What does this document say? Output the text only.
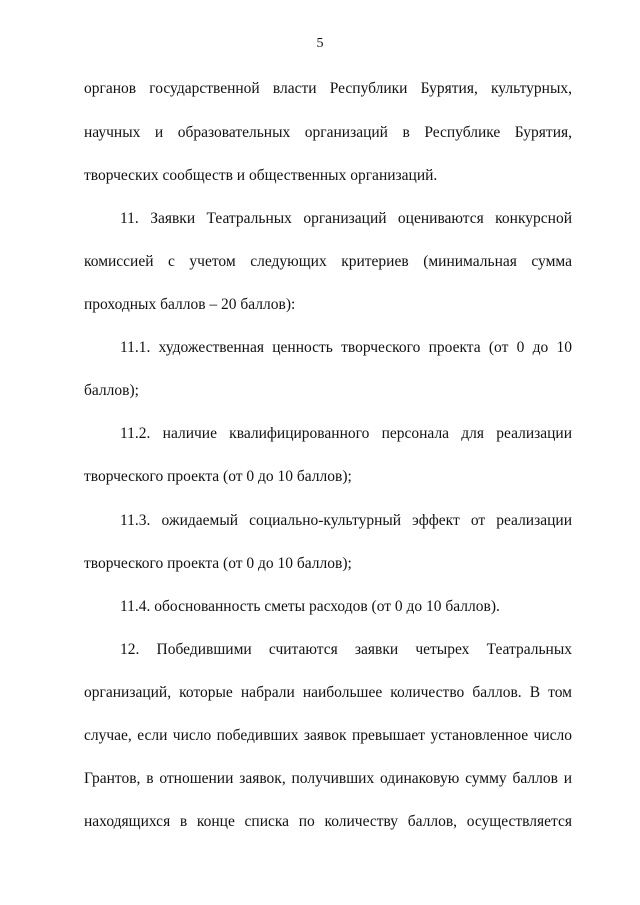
5
органов государственной власти Республики Бурятия, культурных,
научных и образовательных организаций в Республике Бурятия,
творческих сообществ и общественных организаций.
11. Заявки Театральных организаций оцениваются конкурсной
комиссией с учетом следующих критериев (минимальная сумма
проходных баллов – 20 баллов):
11.1. художественная ценность творческого проекта (от 0 до 10
баллов);
11.2. наличие квалифицированного персонала для реализации
творческого проекта (от 0 до 10 баллов);
11.3. ожидаемый социально-культурный эффект от реализации
творческого проекта (от 0 до 10 баллов);
11.4. обоснованность сметы расходов (от 0 до 10 баллов).
12. Победившими считаются заявки четырех Театральных
организаций, которые набрали наибольшее количество баллов. В том
случае, если число победивших заявок превышает установленное число
Грантов, в отношении заявок, получивших одинаковую сумму баллов и
находящихся в конце списка по количеству баллов, осуществляется
